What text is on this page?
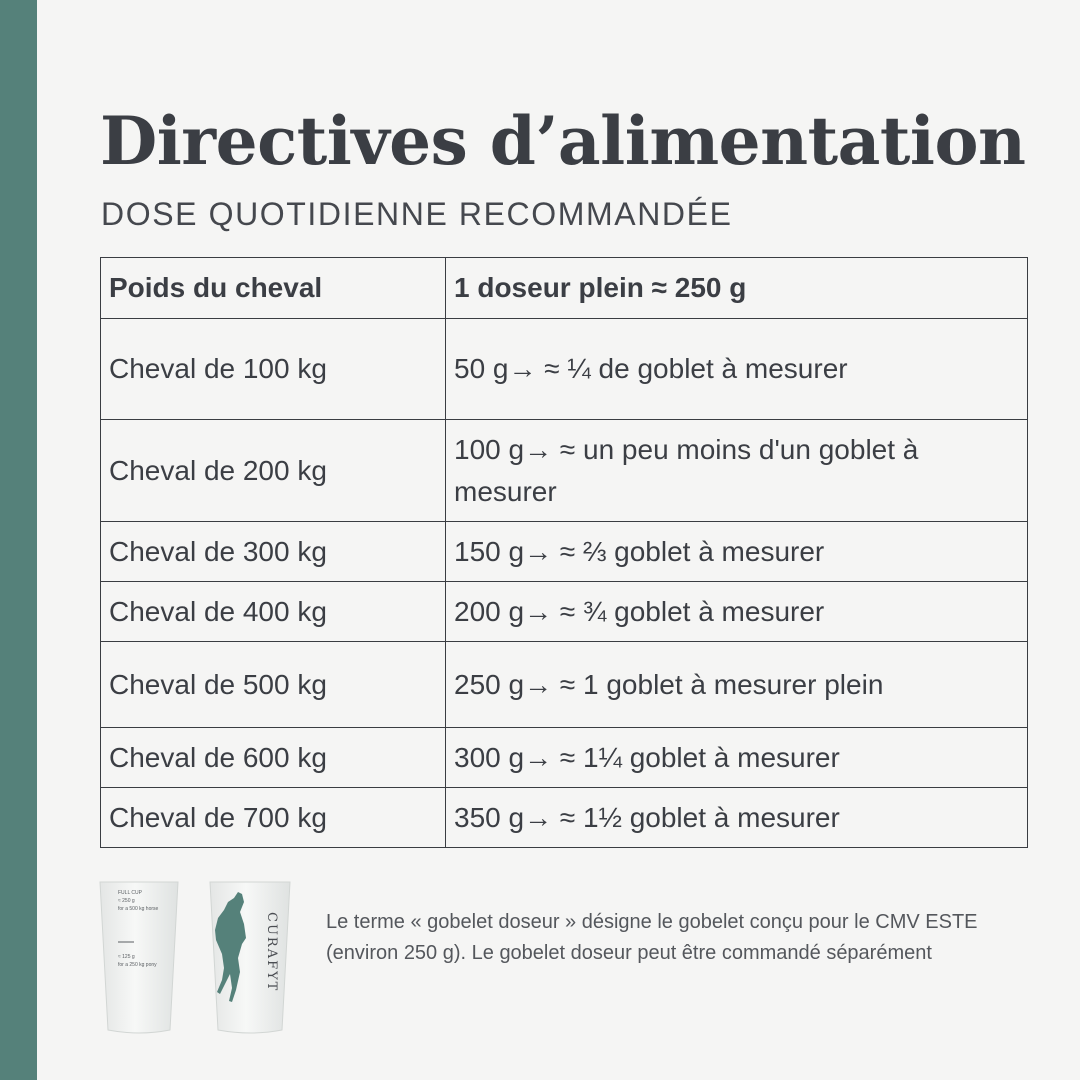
Directives d’alimentation
DOSE QUOTIDIENNE RECOMMANDÉE
Poids du cheval	1 doseur plein ≈ 250 g
Cheval de 100 kg	50 g→ ≈ ¼ de goblet à mesurer
Cheval de 200 kg	100 g→ ≈ un peu moins d'un goblet à mesurer
Cheval de 300 kg	150 g→ ≈ ⅔ goblet à mesurer
Cheval de 400 kg	200 g→ ≈ ¾ goblet à mesurer
Cheval de 500 kg	250 g→ ≈ 1 goblet à mesurer plein
Cheval de 600 kg	300 g→ ≈ 1¼ goblet à mesurer
Cheval de 700 kg	350 g→ ≈ 1½ goblet à mesurer
FULL CUP
≈ 250 g
for a 500 kg horse
≈ 125 g
for a 250 kg pony	CURAFYT Le terme « gobelet doseur » désigne le gobelet conçu pour le CMV ESTE (environ 250 g). Le gobelet doseur peut être commandé séparément
